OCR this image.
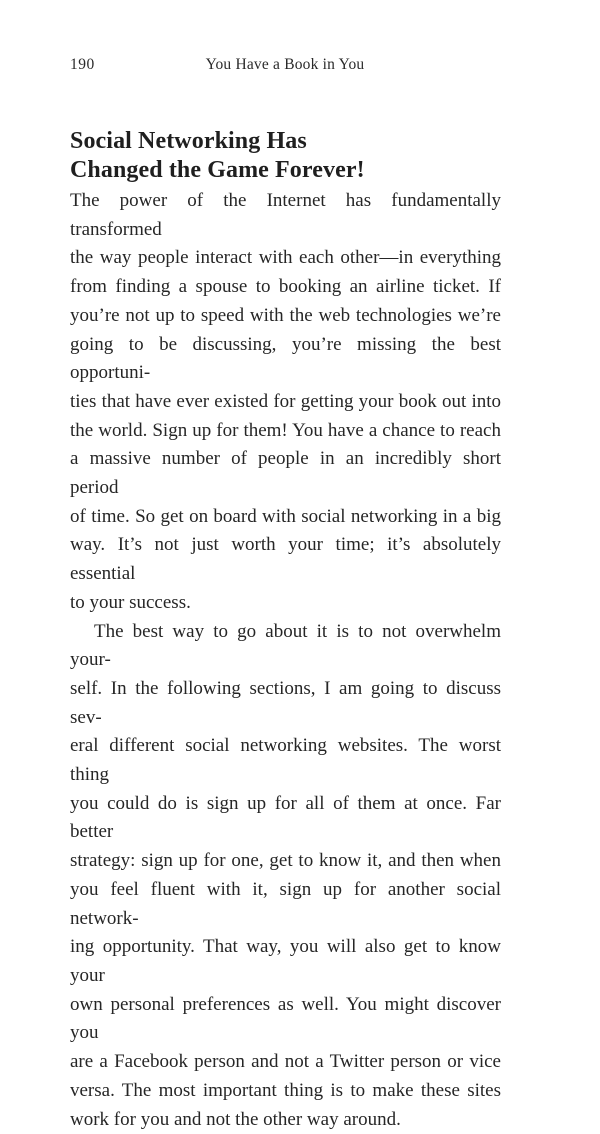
190	You Have a Book in You
Social Networking Has
Changed the Game Forever!
The power of the Internet has fundamentally transformed
the way people interact with each other—in everything
from finding a spouse to booking an airline ticket. If
you’re not up to speed with the web technologies we’re
going to be discussing, you’re missing the best opportuni-
ties that have ever existed for getting your book out into
the world. Sign up for them! You have a chance to reach
a massive number of people in an incredibly short period
of time. So get on board with social networking in a big
way. It’s not just worth your time; it’s absolutely essential
to your success.
The best way to go about it is to not overwhelm your-
self. In the following sections, I am going to discuss sev-
eral different social networking websites. The worst thing
you could do is sign up for all of them at once. Far better
strategy: sign up for one, get to know it, and then when
you feel fluent with it, sign up for another social network-
ing opportunity. That way, you will also get to know your
own personal preferences as well. You might discover you
are a Facebook person and not a Twitter person or vice
versa. The most important thing is to make these sites
work for you and not the other way around.
